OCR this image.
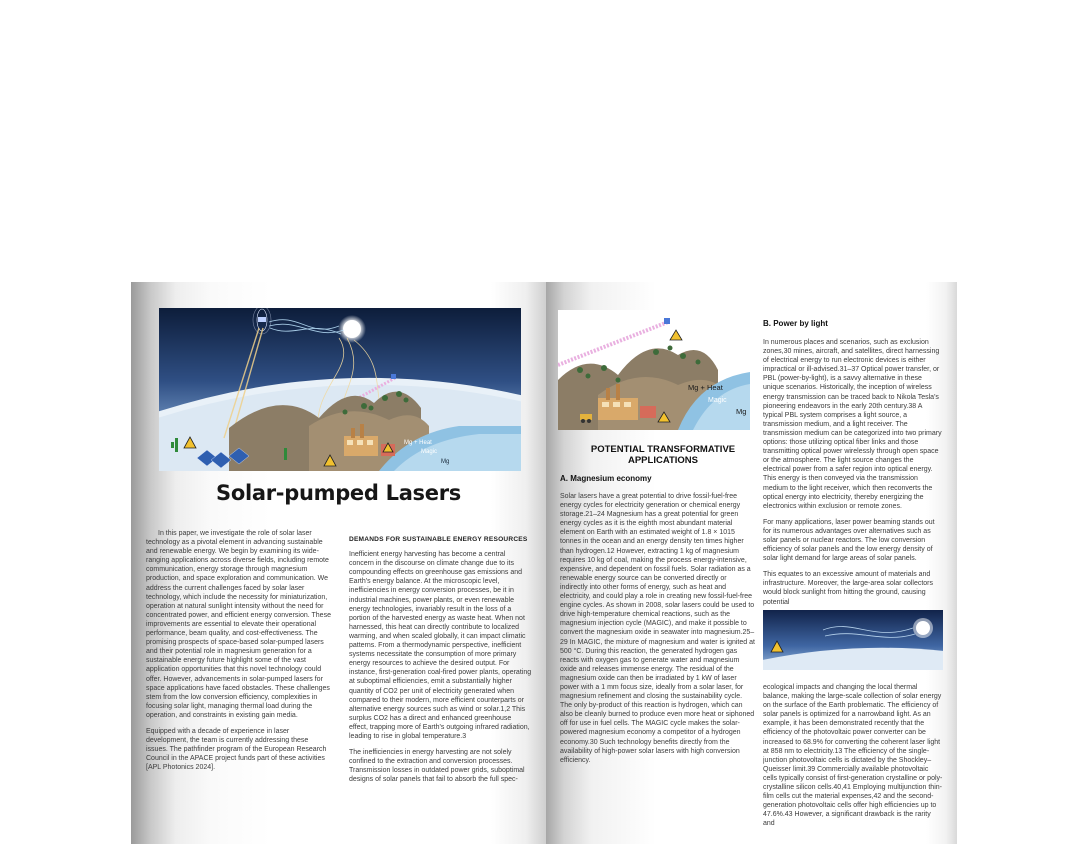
Mg + Heat
Magic
Mg
Solar-pumped Lasers

In this paper, we investigate the role of solar laser technology as a pivotal element in advancing sustainable and renewable energy. We begin by examining its wide-ranging applications across diverse fields, including remote communication, energy storage through magnesium production, and space exploration and communication. We address the current challenges faced by solar laser technology, which include the necessity for miniaturization, operation at natural sunlight intensity without the need for concentrated power, and efficient energy conversion. These improvements are essential to elevate their operational performance, beam quality, and cost-effectiveness. The promising prospects of space-based solar-pumped lasers and their potential role in magnesium generation for a sustainable energy future highlight some of the vast application opportunities that this novel technology could offer. However, advancements in solar-pumped lasers for space applications have faced obstacles. These challenges stem from the low conversion efficiency, complexities in focusing solar light, managing thermal load during the operation, and constraints in existing gain media.

Equipped with a decade of experience in laser development, the team is currently addressing these issues. The pathfinder program of the European Research Council in the APACE project funds part of these activities [APL Photonics 2024].

DEMANDS FOR SUSTAINABLE ENERGY RESOURCES

Inefficient energy harvesting has become a central concern in the discourse on climate change due to its compounding effects on greenhouse gas emissions and Earth's energy balance. At the microscopic level, inefficiencies in energy conversion processes, be it in industrial machines, power plants, or even renewable energy technologies, invariably result in the loss of a portion of the harvested energy as waste heat. When not harnessed, this heat can directly contribute to localized warming, and when scaled globally, it can impact climatic patterns. From a thermodynamic perspective, inefficient systems necessitate the consumption of more primary energy resources to achieve the desired output. For instance, first-generation coal-fired power plants, operating at suboptimal efficiencies, emit a substantially higher quantity of CO2 per unit of electricity generated when compared to their modern, more efficient counterparts or alternative energy sources such as wind or solar.1,2 This surplus CO2 has a direct and enhanced greenhouse effect, trapping more of Earth's outgoing infrared radiation, leading to rise in global temperature.3

The inefficiencies in energy harvesting are not solely confined to the extraction and conversion processes. Transmission losses in outdated power grids, suboptimal designs of solar panels that fail to absorb the full spec-

Mg + Heat
Magic
Mg
POTENTIAL TRANSFORMATIVE APPLICATIONS
A. Magnesium economy

Solar lasers have a great potential to drive fossil-fuel-free energy cycles for electricity generation or chemical energy storage.21–24 Magnesium has a great potential for green energy cycles as it is the eighth most abundant material element on Earth with an estimated weight of 1.8 × 1015 tonnes in the ocean and an energy density ten times higher than hydrogen.12 However, extracting 1 kg of magnesium requires 10 kg of coal, making the process energy-intensive, expensive, and dependent on fossil fuels. Solar radiation as a renewable energy source can be converted directly or indirectly into other forms of energy, such as heat and electricity, and could play a role in creating new fossil-fuel-free engine cycles. As shown in 2008, solar lasers could be used to drive high-temperature chemical reactions, such as the magnesium injection cycle (MAGIC), and make it possible to convert the magnesium oxide in seawater into magnesium.25–29 In MAGIC, the mixture of magnesium and water is ignited at 500 °C. During this reaction, the generated hydrogen gas reacts with oxygen gas to generate water and magnesium oxide and releases immense energy. The residual of the magnesium oxide can then be irradiated by 1 kW of laser power with a 1 mm focus size, ideally from a solar laser, for magnesium refinement and closing the sustainability cycle. The only by-product of this reaction is hydrogen, which can also be cleanly burned to produce even more heat or siphoned off for use in fuel cells. The MAGIC cycle makes the solar-powered magnesium economy a competitor of a hydrogen economy.30 Such technology benefits directly from the availability of high-power solar lasers with high conversion efficiency.

B. Power by light

In numerous places and scenarios, such as exclusion zones,30 mines, aircraft, and satellites, direct harnessing of electrical energy to run electronic devices is either impractical or ill-advised.31–37 Optical power transfer, or PBL (power-by-light), is a savvy alternative in these unique scenarios. Historically, the inception of wireless energy transmission can be traced back to Nikola Tesla's pioneering endeavors in the early 20th century.38 A typical PBL system comprises a light source, a transmission medium, and a light receiver. The transmission medium can be categorized into two primary options: those utilizing optical fiber links and those transmitting optical power wirelessly through open space or the atmosphere. The light source changes the electrical power from a safer region into optical energy. This energy is then conveyed via the transmission medium to the light receiver, which then reconverts the optical energy into electricity, thereby energizing the electronics within exclusion or remote zones.

For many applications, laser power beaming stands out for its numerous advantages over alternatives such as solar panels or nuclear reactors. The low conversion efficiency of solar panels and the low energy density of solar light demand for large areas of solar panels.

This equates to an excessive amount of materials and infrastructure. Moreover, the large-area solar collectors would block sunlight from hitting the ground, causing potential

ecological impacts and changing the local thermal balance, making the large-scale collection of solar energy on the surface of the Earth problematic. The efficiency of solar panels is optimized for a narrowband light. As an example, it has been demonstrated recently that the efficiency of the photovoltaic power converter can be increased to 68.9% for converting the coherent laser light at 858 nm to electricity.13 The efficiency of the single-junction photovoltaic cells is dictated by the Shockley–Queisser limit.39 Commercially available photovoltaic cells typically consist of first-generation crystalline or poly-crystalline silicon cells.40,41 Employing multijunction thin-film cells cut the material expenses,42 and the second-generation photovoltaic cells offer high efficiencies up to 47.6%.43 However, a significant drawback is the rarity and
